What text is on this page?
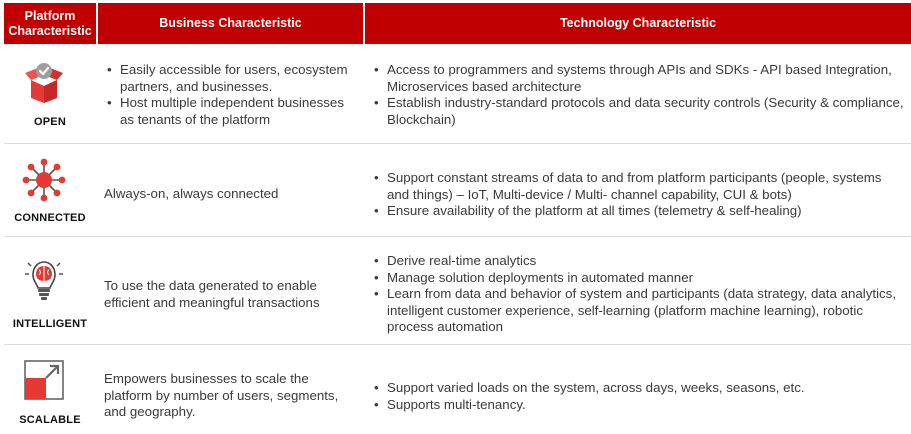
Platform Characteristic
Business Characteristic	Technology Characteristic
OPEN
• Easily accessible for users, ecosystem partners, and businesses.
• Host multiple independent businesses as tenants of the platform
• Access to programmers and systems through APIs and SDKs - API based Integration, Microservices based architecture
• Establish industry-standard protocols and data security controls (Security & compliance, Blockchain)
CONNECTED
Always-on, always connected
• Support constant streams of data to and from platform participants (people, systems and things) – IoT, Multi-device / Multi- channel capability, CUI & bots)
• Ensure availability of the platform at all times (telemetry & self-healing)
INTELLIGENT
To use the data generated to enable efficient and meaningful transactions
• Derive real-time analytics
• Manage solution deployments in automated manner
• Learn from data and behavior of system and participants (data strategy, data analytics, intelligent customer experience, self-learning (platform machine learning), robotic process automation
SCALABLE
Empowers businesses to scale the platform by number of users, segments, and geography.
• Support varied loads on the system, across days, weeks, seasons, etc.
• Supports multi-tenancy.
